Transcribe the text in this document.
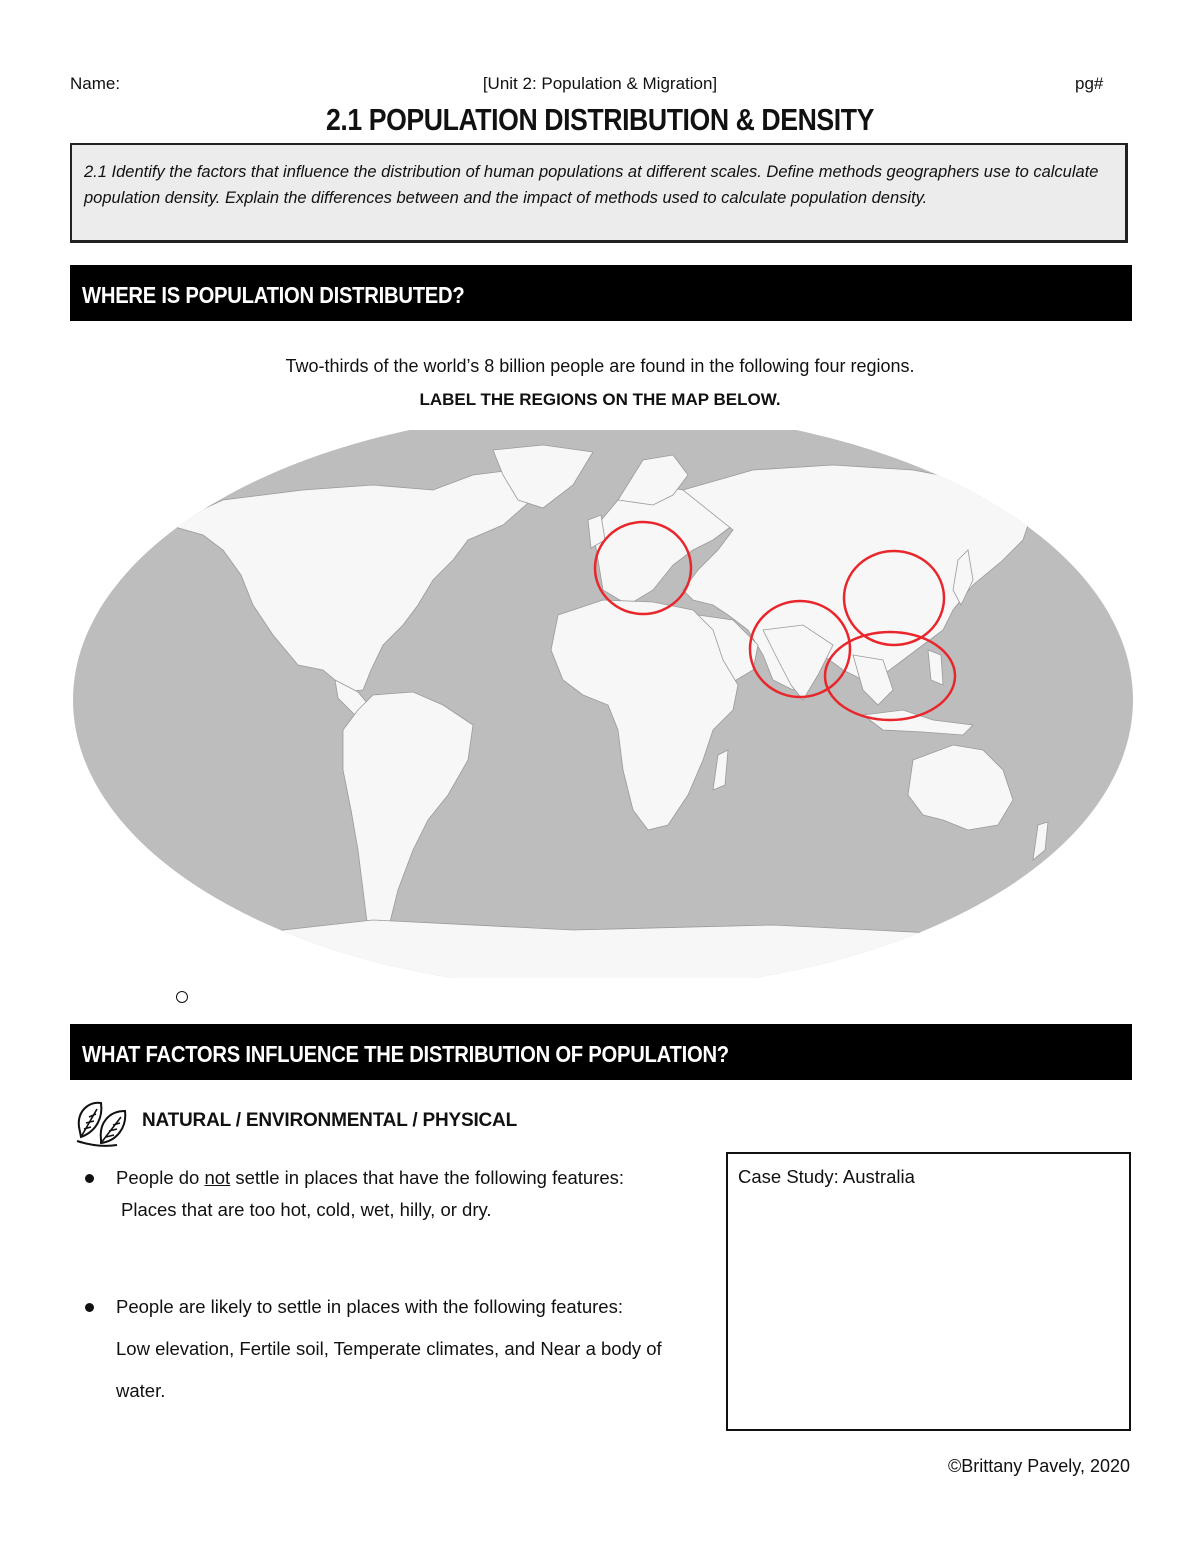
Name:	[Unit 2: Population & Migration]	pg#
2.1 POPULATION DISTRIBUTION & DENSITY
2.1 Identify the factors that influence the distribution of human populations at different scales. Define methods geographers use to calculate population density. Explain the differences between and the impact of methods used to calculate population density.
WHERE IS POPULATION DISTRIBUTED?
Two-thirds of the world’s 8 billion people are found in the following four regions.
LABEL THE REGIONS ON THE MAP BELOW.
WHAT FACTORS INFLUENCE THE DISTRIBUTION OF POPULATION?
NATURAL / ENVIRONMENTAL / PHYSICAL
People do not settle in places that have the following features:
Places that are too hot, cold, wet, hilly, or dry.
People are likely to settle in places with the following features:
Low elevation, Fertile soil, Temperate climates, and Near a body of
water.
Case Study: Australia
©Brittany Pavely, 2020
